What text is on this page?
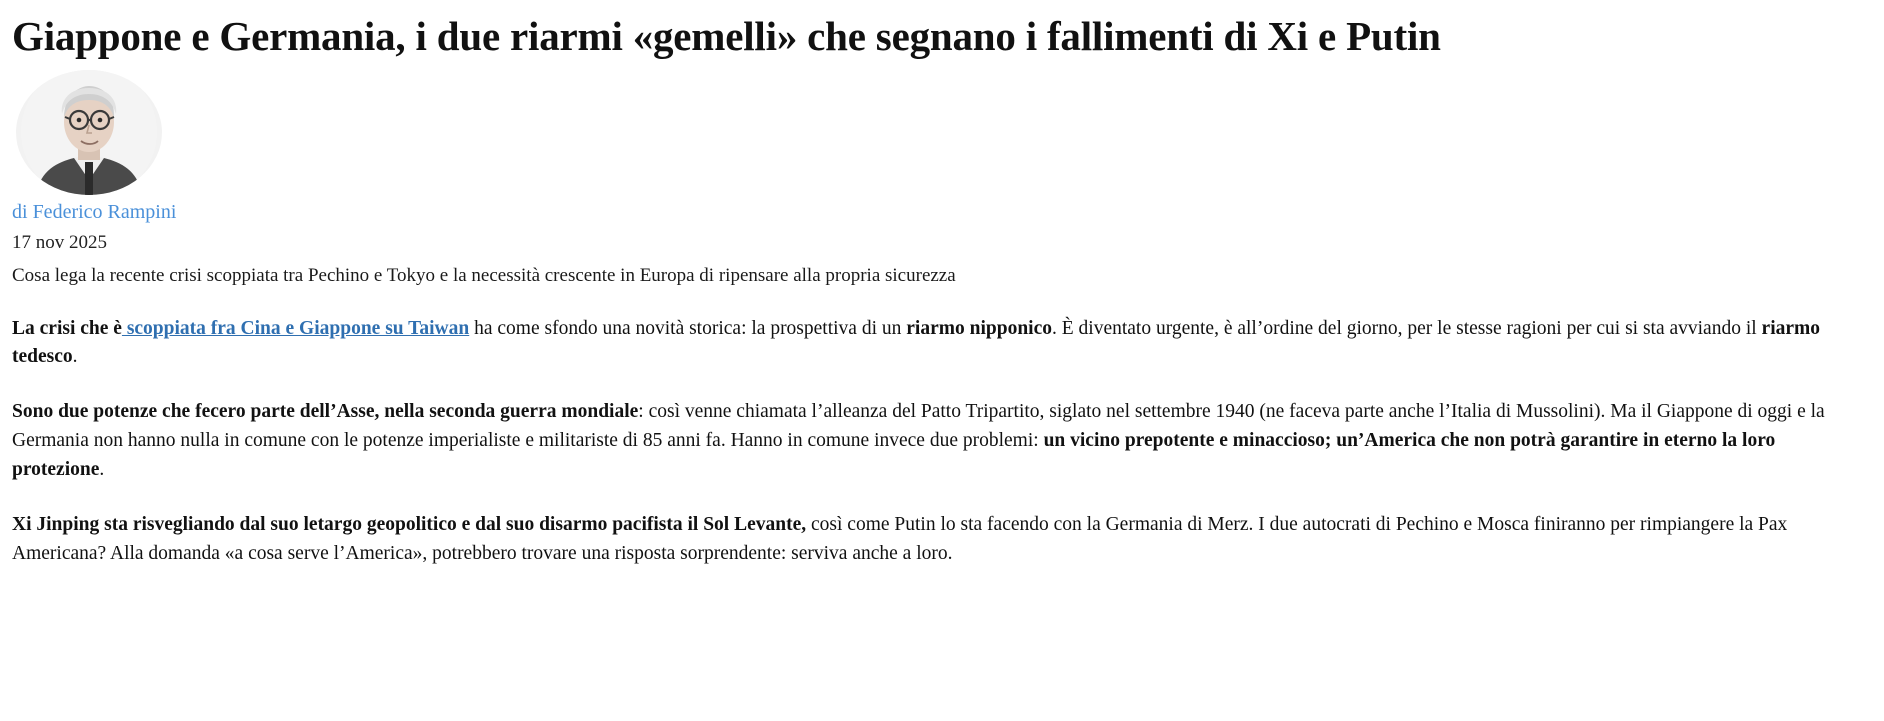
Giappone e Germania, i due riarmi «gemelli» che segnano i fallimenti di Xi e Putin
di Federico Rampini
17 nov 2025
Cosa lega la recente crisi scoppiata tra Pechino e Tokyo e la necessità crescente in Europa di ripensare alla propria sicurezza

La crisi che è scoppiata fra Cina e Giappone su Taiwan ha come sfondo una novità storica: la prospettiva di un riarmo nipponico. È diventato urgente, è all’ordine del giorno, per le stesse ragioni per cui si sta avviando il riarmo tedesco.

Sono due potenze che fecero parte dell’Asse, nella seconda guerra mondiale: così venne chiamata l’alleanza del Patto Tripartito, siglato nel settembre 1940 (ne faceva parte anche l’Italia di Mussolini). Ma il Giappone di oggi e la Germania non hanno nulla in comune con le potenze imperialiste e militariste di 85 anni fa. Hanno in comune invece due problemi: un vicino prepotente e minaccioso; un’America che non potrà garantire in eterno la loro protezione.

Xi Jinping sta risvegliando dal suo letargo geopolitico e dal suo disarmo pacifista il Sol Levante, così come Putin lo sta facendo con la Germania di Merz. I due autocrati di Pechino e Mosca finiranno per rimpiangere la Pax Americana? Alla domanda «a cosa serve l’America», potrebbero trovare una risposta sorprendente: serviva anche a loro.
